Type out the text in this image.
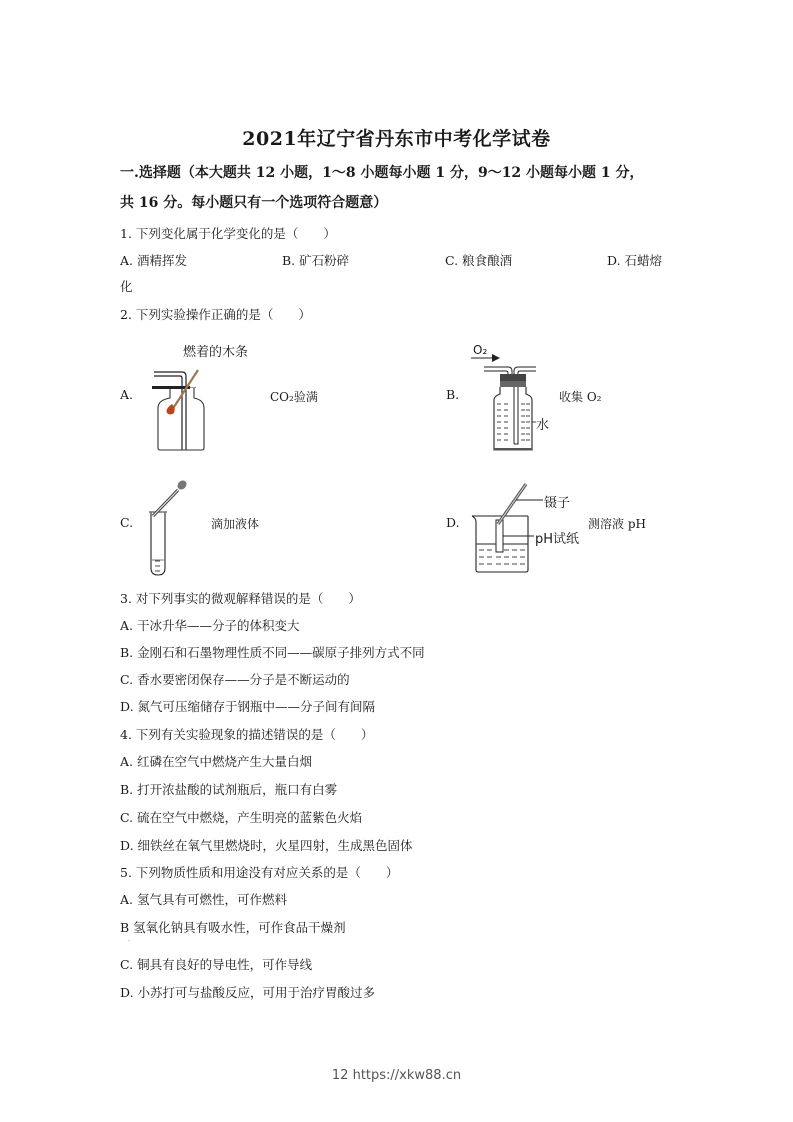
2021年辽宁省丹东市中考化学试卷
一.选择题（本大题共 12 小题，1～8 小题每小题 1 分，9～12 小题每小题 1 分，
共 16 分。每小题只有一个选项符合题意）
1. 下列变化属于化学变化的是（　　）
A. 酒精挥发	B. 矿石粉碎	C. 粮食酿酒	D. 石蜡熔
化
2. 下列实验操作正确的是（　　）
A.
燃着的木条
CO₂验满	B.
O₂
水
收集 O₂
C.	滴加液体	D.
镊子
pH试纸
测溶液 pH
3. 对下列事实的微观解释错误的是（　　）
A. 干冰升华——分子的体积变大
B. 金刚石和石墨物理性质不同——碳原子排列方式不同
C. 香水要密闭保存——分子是不断运动的
D. 氮气可压缩储存于钢瓶中——分子间有间隔
4. 下列有关实验现象的描述错误的是（　　）
A. 红磷在空气中燃烧产生大量白烟
B. 打开浓盐酸的试剂瓶后，瓶口有白雾
C. 硫在空气中燃烧，产生明亮的蓝紫色火焰
D. 细铁丝在氧气里燃烧时，火星四射，生成黑色固体
5. 下列物质性质和用途没有对应关系的是（　　）
A. 氢气具有可燃性，可作燃料
B 氢氧化钠具有吸水性，可作食品干燥剂
·
C. 铜具有良好的导电性，可作导线
D. 小苏打可与盐酸反应，可用于治疗胃酸过多
12 https://xkw88.cn
